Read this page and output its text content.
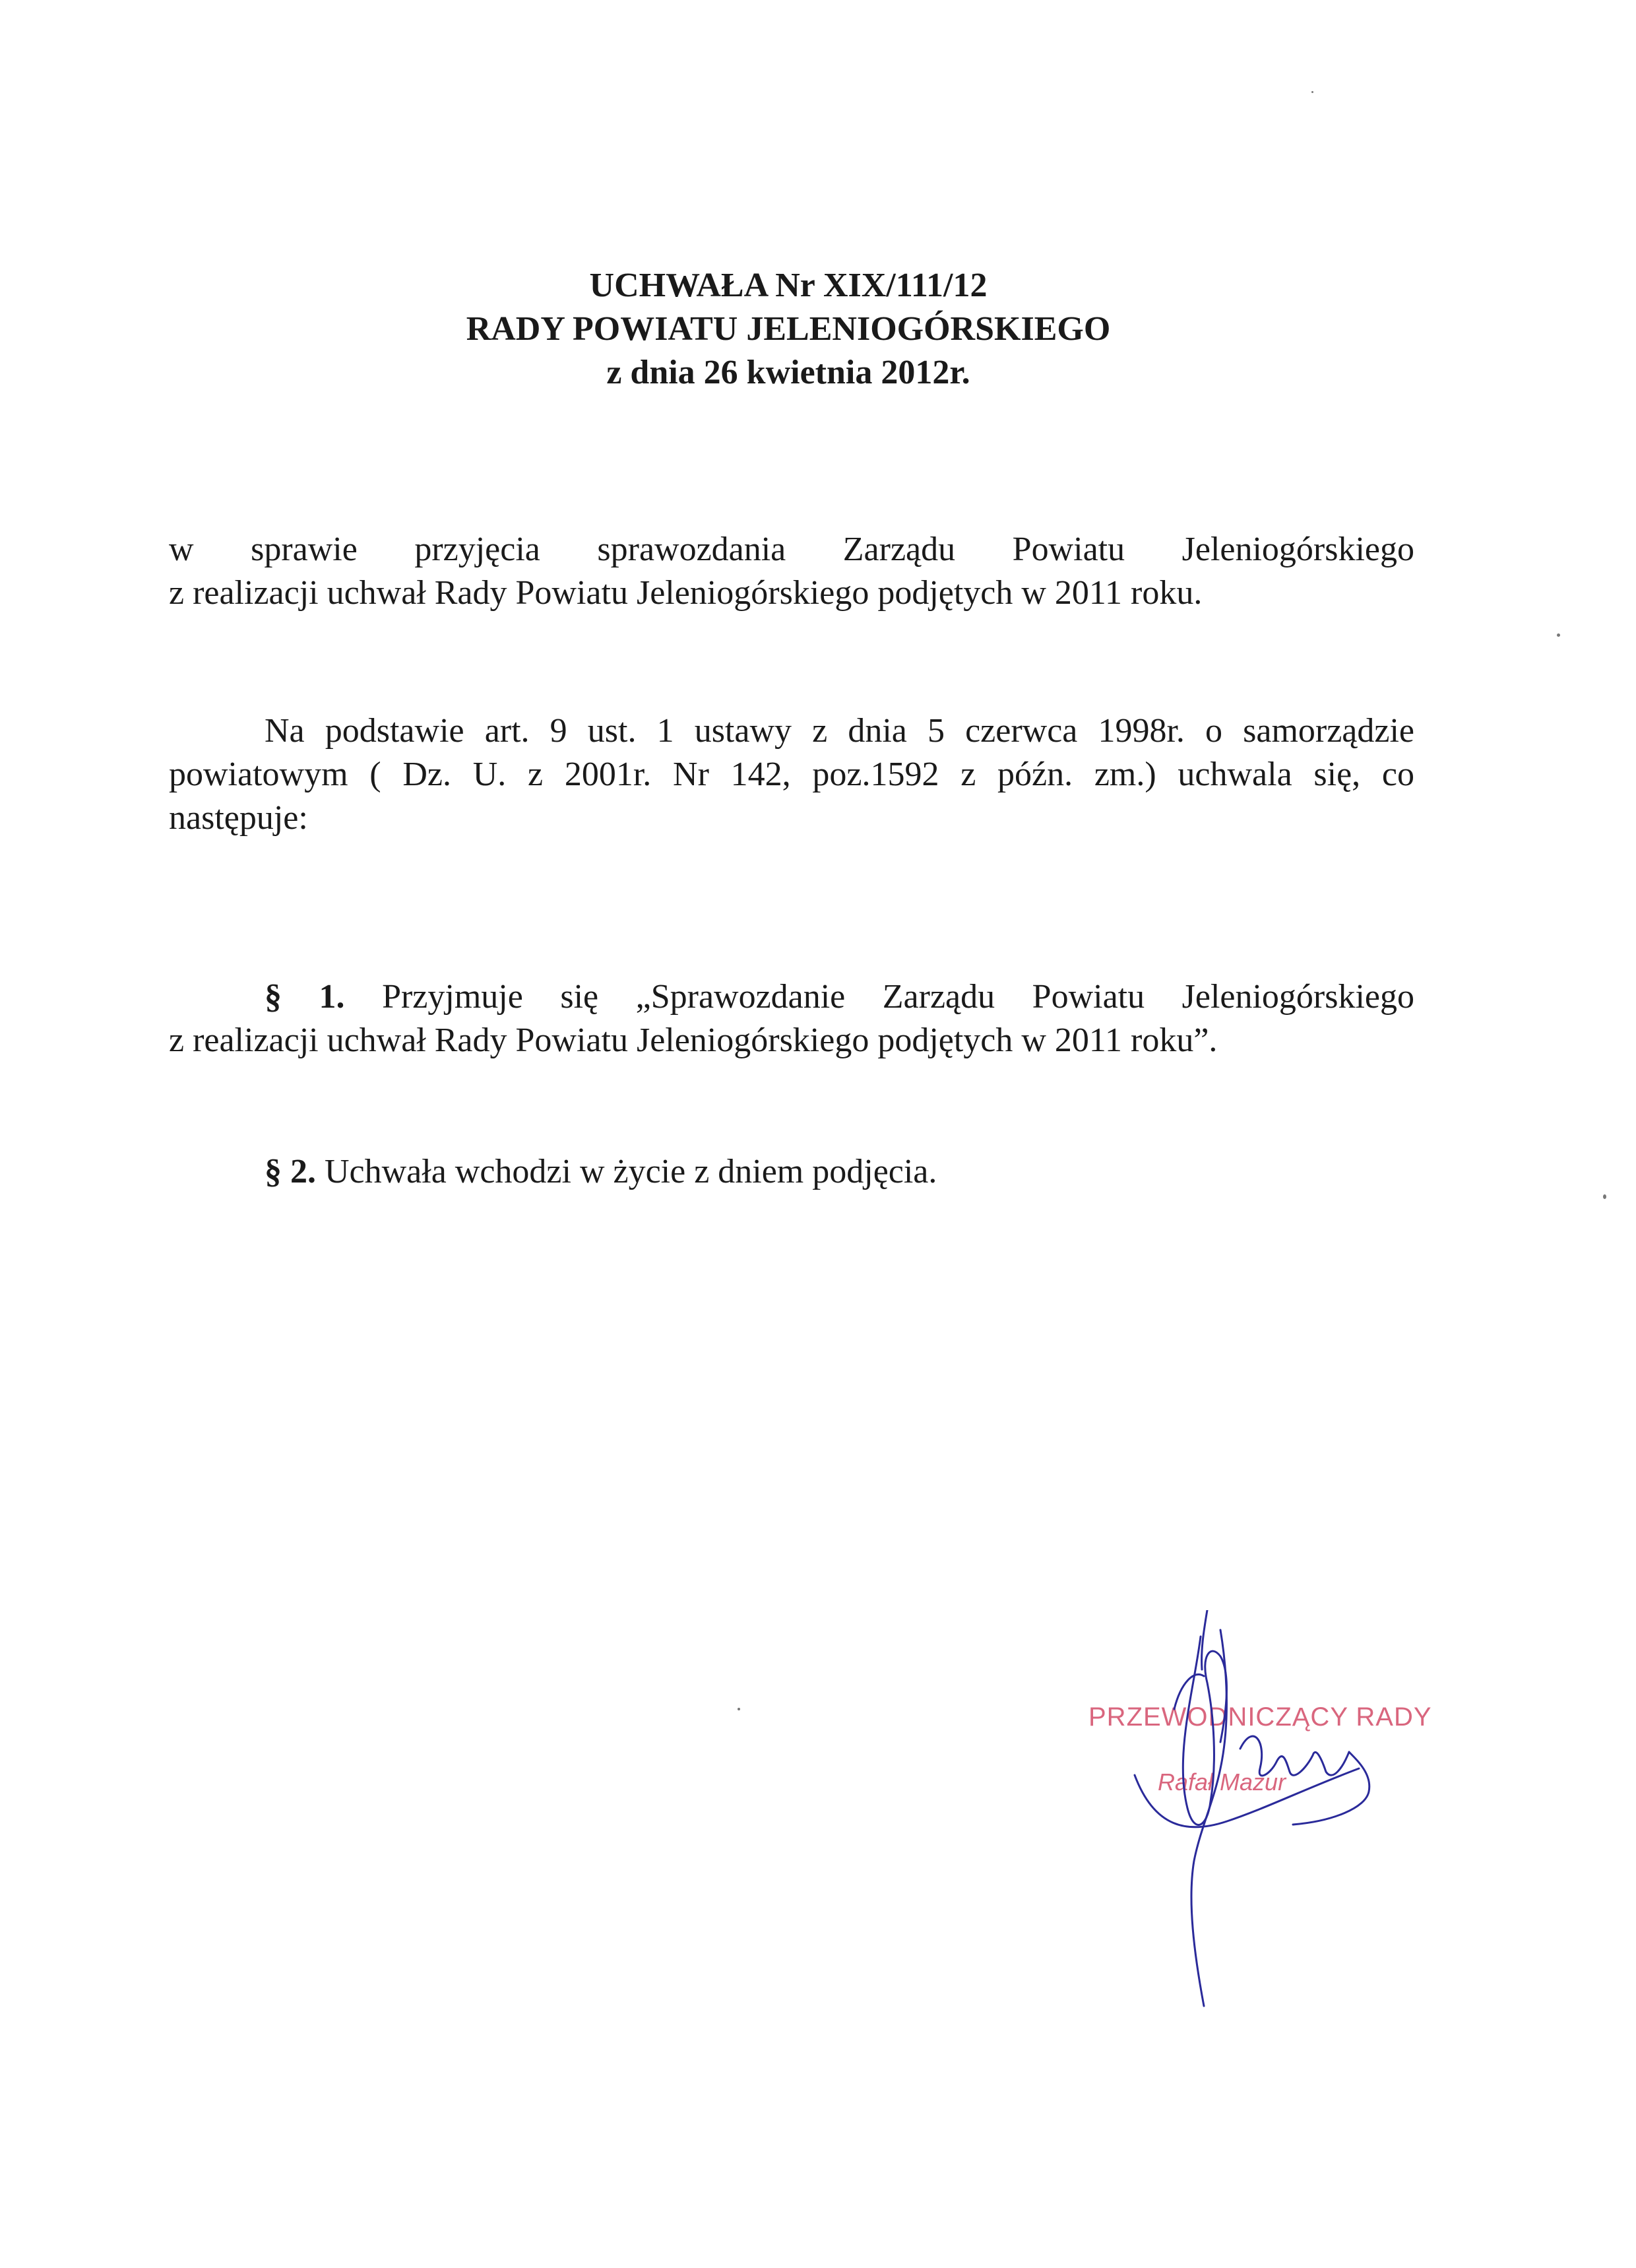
UCHWAŁA Nr XIX/111/12
RADY POWIATU JELENIOGÓRSKIEGO
z dnia 26 kwietnia 2012r.
w sprawie przyjęcia sprawozdania Zarządu Powiatu Jeleniogórskiego
z realizacji uchwał Rady Powiatu Jeleniogórskiego podjętych w 2011 roku.
Na podstawie art. 9 ust. 1 ustawy z dnia 5 czerwca 1998r. o samorządzie
powiatowym ( Dz. U. z 2001r. Nr 142, poz.1592 z późn. zm.) uchwala się, co
następuje:
§ 1. Przyjmuje się „Sprawozdanie Zarządu Powiatu Jeleniogórskiego
z realizacji uchwał Rady Powiatu Jeleniogórskiego podjętych w 2011 roku”.
§ 2. Uchwała wchodzi w życie z dniem podjęcia.
PRZEWODNICZĄCY RADY
Rafał Mazur
